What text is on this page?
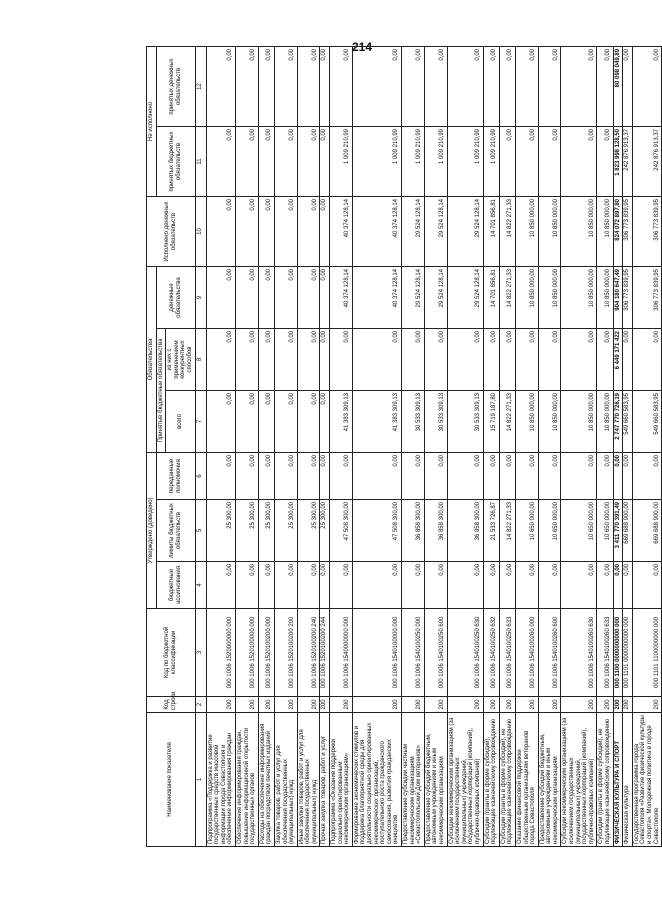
214
Наименование показателя	Код строки	Код по бюджетной классификации	Утверждено (доведено)			Обязательства			Исполнено денежных обязательств	Не исполнено	
			бюджетные ассигнования	лимиты бюджетных обязательств	переданные полномочия	Принятые бюджетные обязательства		денежные обязательства		принятых бюджетных обязательств	принятых денежных обязательств
						всего	из них с применением конкурентных способов				
1	2	3	4	5	6	7	8	9	10	11	12
Подпрограмма «Поддержка и развитие государственных средств массовой информации города Севастополя и обеспечение информирования граждан	200	000 1006 1520000000 000	0,00	25 300,00	0,00	0,00	0,00	0,00	0,00	0,00	0,00
Обеспечение информирования граждан, повышение информационной открытости государственных органов	200	000 1006 1520100000 000	0,00	25 300,00	0,00	0,00	0,00	0,00	0,00	0,00	0,00
Расходы на обеспечение информирования граждан посредством печатных изданий	200	000 1006 1520100200 000	0,00	25 300,00	0,00	0,00	0,00	0,00	0,00	0,00	0,00
Закупка товаров, работ и услуг для обеспечения государственных (муниципальных) нужд	200	000 1006 1520100200 200	0,00	25 300,00	0,00	0,00	0,00	0,00	0,00	0,00	0,00
Иные закупки товаров, работ и услуг для обеспечения государственных (муниципальных) нужд	200	000 1006 1520100200 240	0,00	25 300,00	0,00	0,00	0,00	0,00	0,00	0,00	0,00
Прочая закупка товаров, работ и услуг	200	000 1006 1520100200 244	0,00	25 300,00	0,00	0,00	0,00	0,00	0,00	0,00	0,00
Подпрограмма «Оказание поддержки социально ориентированным некоммерческим организациям»	200	000 1006 1540000000 000	0,00	47 508 300,00	0,00	41 383 309,13	0,00	40 374 128,14	40 374 128,14	1 009 210,99	0,00
Формирование экономических стимулов и поддержка благоприятной среды для деятельности социально ориентированных некоммерческих организаций, поступательного роста гражданского самосознания, развития гражданских инициатив	200	000 1006 1540100000 000	0,00	47 508 300,00	0,00	41 383 309,13	0,00	40 374 128,14	40 374 128,14	1 009 210,99	0,00
Предоставление субсидии частным некоммерческим организациям «Севастопольский Дом ветеранов»	200	000 1006 1540100250 000	0,00	36 858 300,00	0,00	30 533 309,13	0,00	29 524 128,14	29 524 128,14	1 009 210,99	0,00
Предоставление субсидий бюджетным, автономным учреждениям и иным некоммерческим организациям	200	000 1006 1540100250 600	0,00	36 858 300,00	0,00	30 533 309,13	0,00	29 524 128,14	29 524 128,14	1 009 210,99	0,00
Субсидии некоммерческим организациям (за исключением государственных (муниципальных) учреждений, государственных корпораций (компаний), публично-правовых компаний)	200	000 1006 1540100250 630	0,00	36 858 300,00	0,00	30 533 309,13	0,00	29 524 128,14	29 524 128,14	1 009 210,99	0,00
Субсидии (гранты в форме субсидий), подлежащие казначейскому сопровождению	200	000 1006 1540100250 632	0,00	21 533 726,87	0,00	15 719 187,80	0,00	14 701 856,81	14 701 856,81	1 009 210,99	0,00
Субсидии (гранты в форме субсидий), не подлежащие казначейскому сопровождению	200	000 1006 1540100250 633	0,00	14 822 271,33	0,00	14 822 271,33	0,00	14 822 271,33	14 822 271,33	0,00	0,00
Оказание финансовой поддержки общественным организациям ветеранов города Севастополя	200	000 1006 1540100260 000	0,00	10 650 000,00	0,00	10 850 000,00	0,00	10 850 000,00	10 850 000,00	0,00	0,00
Предоставление субсидий бюджетным, автономным учреждениям и иным некоммерческим организациям	200	000 1006 1540100260 600	0,00	10 650 000,00	0,00	10 850 000,00	0,00	10 850 000,00	10 850 000,00	0,00	0,00
Субсидии некоммерческим организациям (за исключением государственных (муниципальных) учреждений, государственных корпораций (компаний), публично-правовых компаний)	200	000 1006 1540100260 630	0,00	10 650 000,00	0,00	10 850 000,00	0,00	10 850 000,00	10 850 000,00	0,00	0,00
Субсидии (гранты в форме субсидий), не подлежащие казначейскому сопровождению	200	000 1006 1540100260 633	0,00	10 650 000,00	0,00	10 850 000,00	0,00	10 850 000,00	10 850 000,00	0,00	0,00
ФИЗИЧЕСКАЯ КУЛЬТУРА И СПОРТ	200	000 1100 0000000000 000	0,00	3 411 770 391,49	0,00	2 747 770 726,19	6 449 171 422	904 180 647,49	824 072 897,80	1 823 998 128,50	80 098 049,89
Физическая культура	200	000 1101 0000000000 000	0,00	669 688 900,00	0,00	549 660 583,95	0,00	306 773 839,95	306 773 839,95	242 876 913,37	0,00
Государственная программа города Севастополя «Развитие физической культуры и спорта». Молодежная политика в городе Севастополе	200	000 1101 1100000000 000	0,00	669 688 900,00	0,00	549 660 583,95	0,00	306 773 839,95	306 773 839,95	242 876 913,37	0,00
